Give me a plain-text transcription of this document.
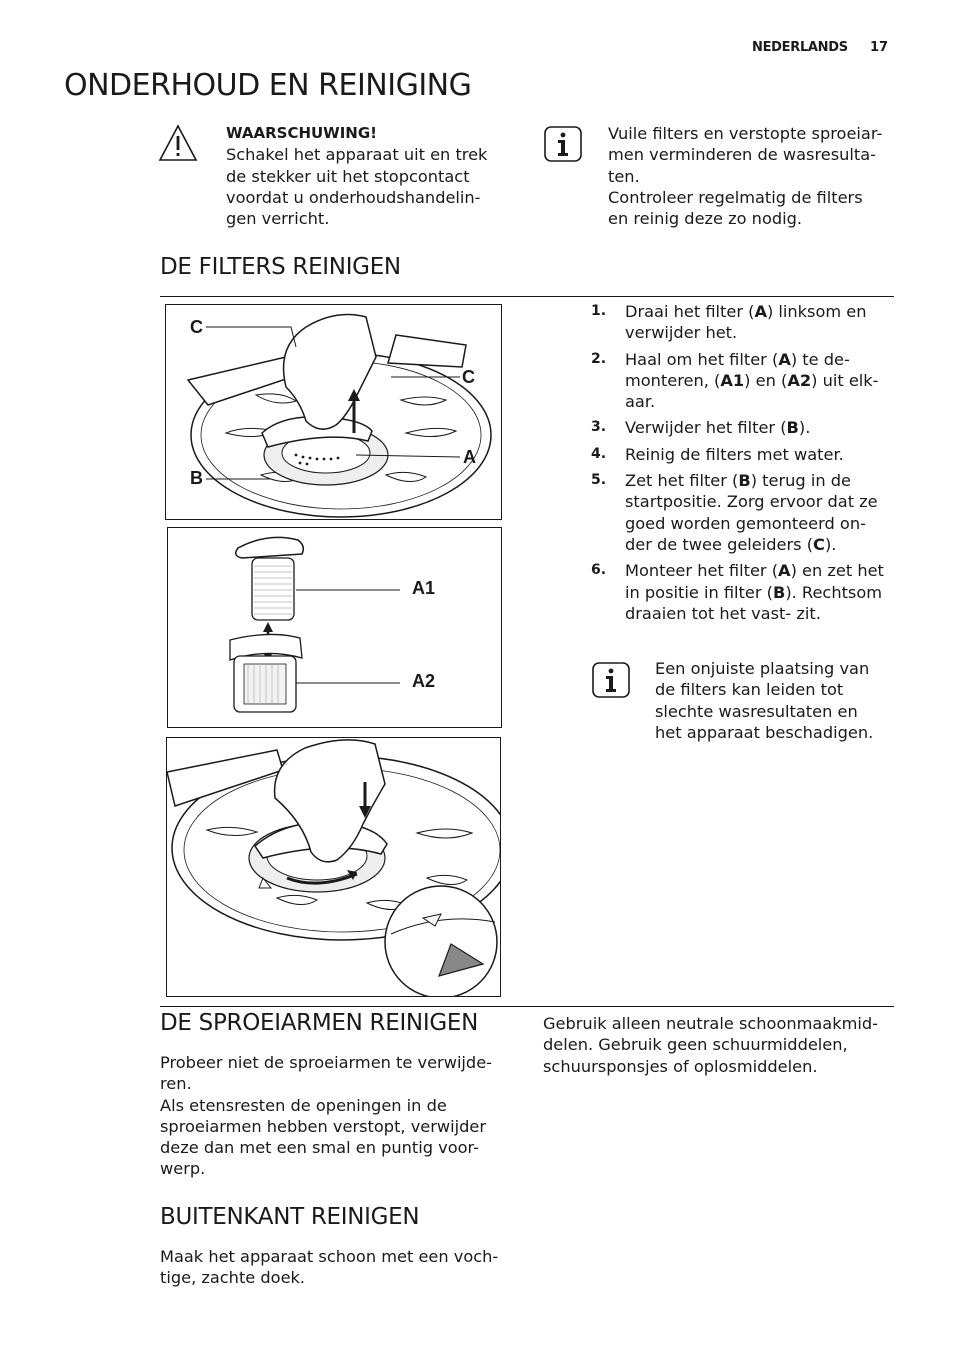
NEDERLANDS 17
ONDERHOUD EN REINIGING

WAARSCHUWING!

Schakel het apparaat uit en trek

de stekker uit het stopcontact

voordat u onderhoudshandelin-

gen verricht.

Vuile filters en verstopte sproeiar-

men verminderen de wasresulta-

ten.

Controleer regelmatig de filters

en reinig deze zo nodig.

DE FILTERS REINIGEN
C
C
A
B
A1
A2
1. Draai het filter (A) linksom en verwijder het.
2. Haal om het filter (A) te de- monteren, (A1) en (A2) uit elk- aar.
3. Verwijder het filter (B).
4. Reinig de filters met water.
5. Zet het filter (B) terug in de startpositie. Zorg ervoor dat ze goed worden gemonteerd on- der de twee geleiders (C).
6. Monteer het filter (A) en zet het in positie in filter (B). Rechtsom draaien tot het vast- zit.

Een onjuiste plaatsing van

de filters kan leiden tot

slechte wasresultaten en

het apparaat beschadigen.

DE SPROEIARMEN REINIGEN

Probeer niet de sproeiarmen te verwijde-

ren.

Als etensresten de openingen in de

sproeiarmen hebben verstopt, verwijder

deze dan met een smal en puntig voor-

werp.

BUITENKANT REINIGEN

Maak het apparaat schoon met een voch-

tige, zachte doek.

Gebruik alleen neutrale schoonmaakmid-

delen. Gebruik geen schuurmiddelen,

schuursponsjes of oplosmiddelen.
